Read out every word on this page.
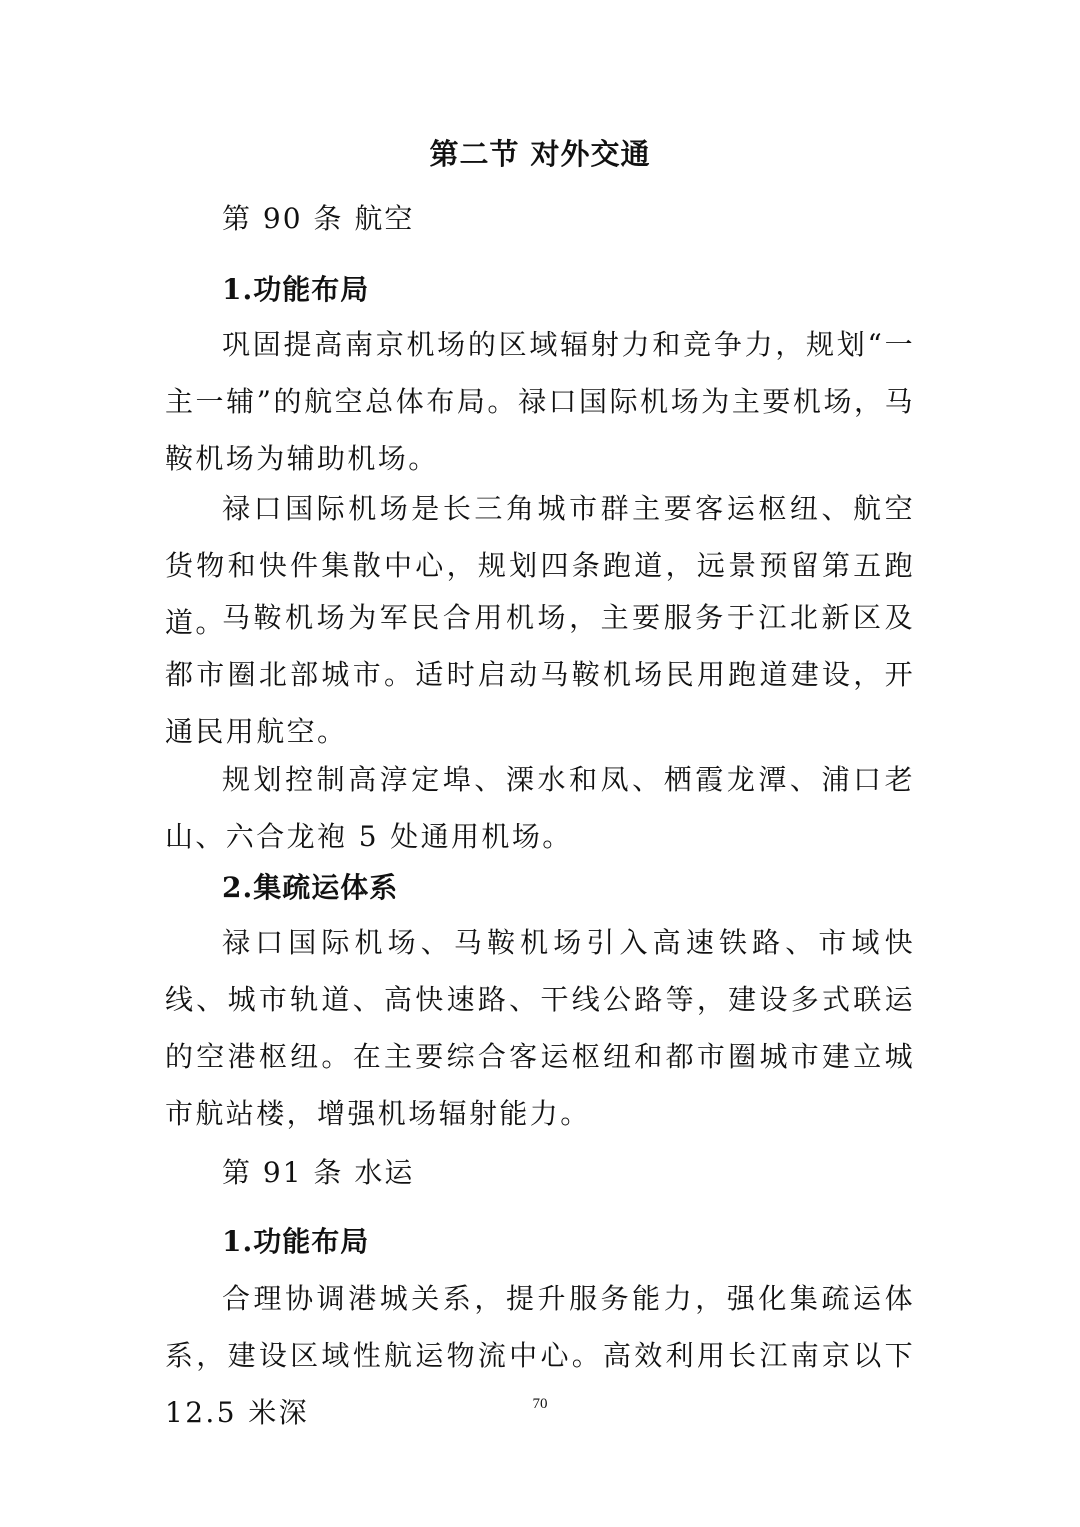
第二节 对外交通
第 90 条 航空
1.功能布局

巩固提高南京机场的区域辐射力和竞争力，规划“一主一辅”的航空总体布局。禄口国际机场为主要机场，马鞍机场为辅助机场。

禄口国际机场是长三角城市群主要客运枢纽、航空货物和快件集散中心，规划四条跑道，远景预留第五跑道。

马鞍机场为军民合用机场，主要服务于江北新区及都市圈北部城市。适时启动马鞍机场民用跑道建设，开通民用航空。

规划控制高淳定埠、溧水和凤、栖霞龙潭、浦口老山、六合龙袍 5 处通用机场。

2.集疏运体系

禄口国际机场、马鞍机场引入高速铁路、市域快线、城市轨道、高快速路、干线公路等，建设多式联运的空港枢纽。在主要综合客运枢纽和都市圈城市建立城市航站楼，增强机场辐射能力。

第 91 条 水运
1.功能布局

合理协调港城关系，提升服务能力，强化集疏运体系，建设区域性航运物流中心。高效利用长江南京以下 12.5 米深	70
